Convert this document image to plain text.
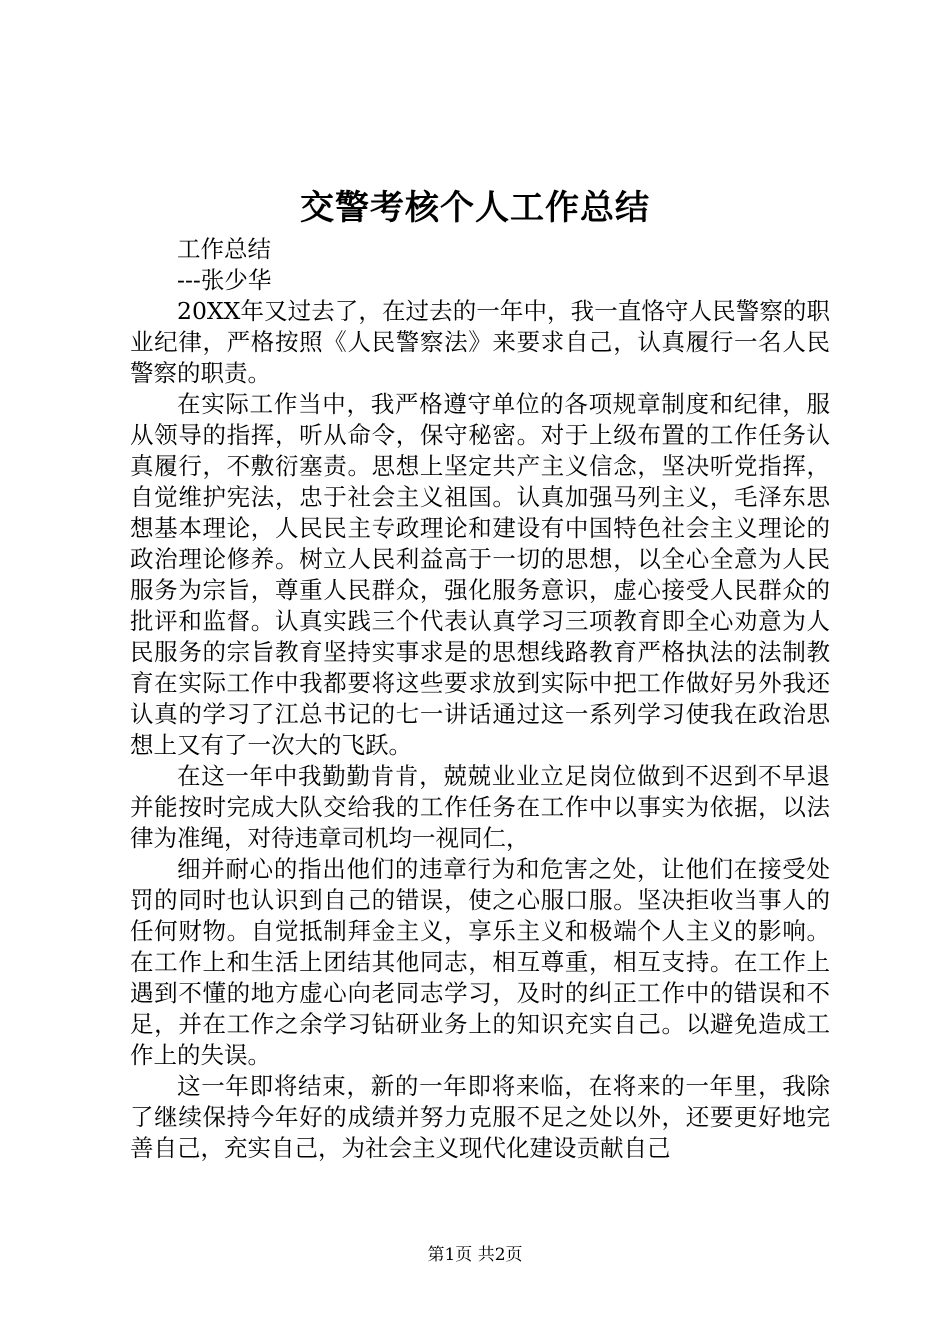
交警考核个人工作总结

工作总结

---张少华

20XX年又过去了，在过去的一年中，我一直恪守人民警察的职业纪律，严格按照《人民警察法》来要求自己，认真履行一名人民警察的职责。

在实际工作当中，我严格遵守单位的各项规章制度和纪律，服从领导的指挥，听从命令，保守秘密。对于上级布置的工作任务认真履行，不敷衍塞责。思想上坚定共产主义信念，坚决听党指挥，自觉维护宪法，忠于社会主义祖国。认真加强马列主义，毛泽东思想基本理论，人民民主专政理论和建设有中国特色社会主义理论的政治理论修养。树立人民利益高于一切的思想，以全心全意为人民服务为宗旨，尊重人民群众，强化服务意识，虚心接受人民群众的批评和监督。认真实践三个代表认真学习三项教育即全心劝意为人民服务的宗旨教育坚持实事求是的思想线路教育严格执法的法制教育在实际工作中我都要将这些要求放到实际中把工作做好另外我还认真的学习了江总书记的七一讲话通过这一系列学习使我在政治思想上又有了一次大的飞跃。

在这一年中我勤勤肯肯，兢兢业业立足岗位做到不迟到不早退并能按时完成大队交给我的工作任务在工作中以事实为依据，以法律为准绳，对待违章司机均一视同仁，

细并耐心的指出他们的违章行为和危害之处，让他们在接受处罚的同时也认识到自己的错误，使之心服口服。坚决拒收当事人的任何财物。自觉抵制拜金主义，享乐主义和极端个人主义的影响。在工作上和生活上团结其他同志，相互尊重，相互支持。在工作上遇到不懂的地方虚心向老同志学习，及时的纠正工作中的错误和不足，并在工作之余学习钻研业务上的知识充实自己。以避免造成工作上的失误。

这一年即将结束，新的一年即将来临，在将来的一年里，我除了继续保持今年好的成绩并努力克服不足之处以外，还要更好地完善自己，充实自己，为社会主义现代化建设贡献自己

第1页 共2页
